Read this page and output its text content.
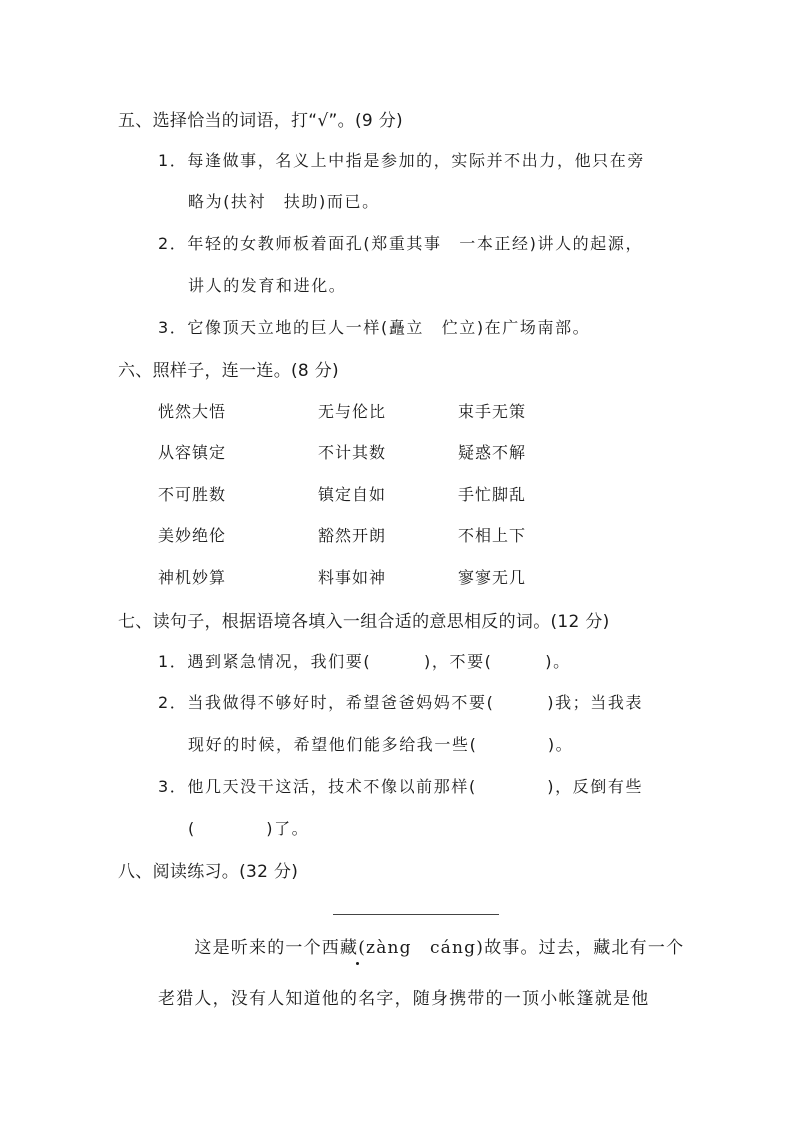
五、选择恰当的词语，打“√”。(9 分)
1．每逢做事，名义上中指是参加的，实际并不出力，他只在旁
略为(扶衬　扶助)而已。
2．年轻的女教师板着面孔(郑重其事　一本正经)讲人的起源，
讲人的发育和进化。
3．它像顶天立地的巨人一样(矗立　伫立)在广场南部。
六、照样子，连一连。(8 分)
恍然大悟	无与伦比	束手无策
从容镇定	不计其数	疑惑不解
不可胜数	镇定自如	手忙脚乱
美妙绝伦	豁然开朗	不相上下
神机妙算	料事如神	寥寥无几
七、读句子，根据语境各填入一组合适的意思相反的词。(12 分)
1．遇到紧急情况，我们要(　　　)，不要(　　　)。
2．当我做得不够好时，希望爸爸妈妈不要(　　　)我；当我表
现好的时候，希望他们能多给我一些(　　　　)。
3．他几天没干这活，技术不像以前那样(　　　　)，反倒有些
(　　　　)了。
八、阅读练习。(32 分)
　　这是听来的一个西藏(zàng　cáng)故事。过去，藏北有一个
老猎人，没有人知道他的名字，随身携带的一顶小帐篷就是他
